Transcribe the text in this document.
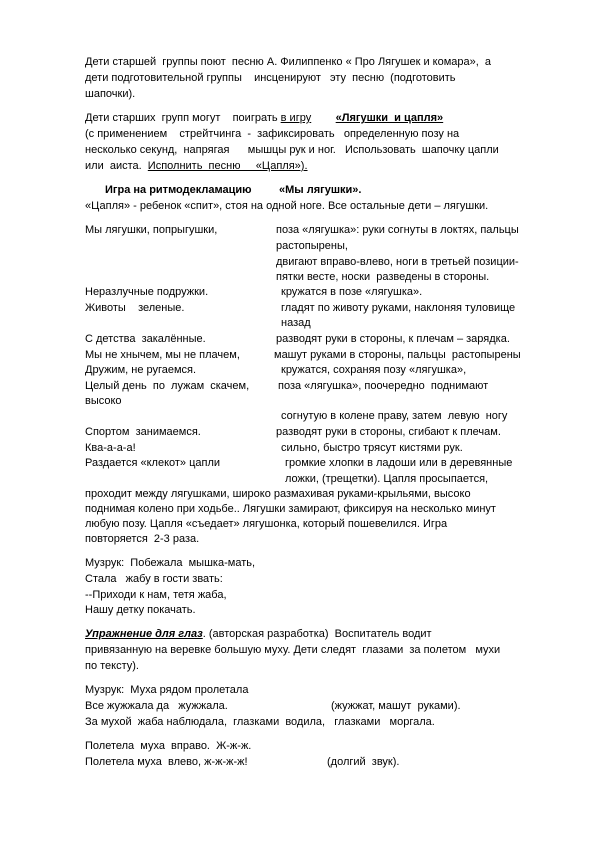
Дети старшей  группы поют  песню А. Филиппенко « Про Лягушек и комара»,  а
дети подготовительной группы    инсценируют   эту  песню  (подготовить
шапочки).
Дети старших  групп могут    поиграть в игру «Лягушки  и цапля»
(с применением    стрейтчинга  -  зафиксировать   определенную позу на
несколько секунд,  напрягая      мышцы рук и ног.   Использовать  шапочку цапли
или  аиста.  Исполнить  песню     «Цапля»).
Игра на ритмодекламацию         «Мы лягушки».
«Цапля» - ребенок «спит», стоя на одной ноге. Все остальные дети – лягушки.
Мы лягушки, попрыгушки,	поза «лягушка»: руки согнуты в локтях, пальцы
растопырены,
двигают вправо-влево, ноги в третьей позиции-
пятки весте, носки  разведены в стороны.
Неразлучные подружки.	кружатся в позе «лягушка».
Животы    зеленые.	гладят по животу руками, наклоняя туловище
назад
С детства  закалённые.	разводят руки в стороны, к плечам – зарядка.
Мы не хнычем, мы не плачем,	машут руками в стороны, пальцы  растопырены
Дружим, не ругаемся.	кружатся, сохраняя позу «лягушка»,
Целый день  по  лужам  скачем,	поза «лягушка», поочередно  поднимают
высоко
согнутую в колене праву, затем  левую  ногу
Спортом  занимаемся.	разводят руки в стороны, сгибают к плечам.
Ква-а-а-а!	сильно, быстро трясут кистями рук.
Раздается «клекот» цапли	громкие хлопки в ладоши или в деревянные
ложки, (трещетки). Цапля просыпается,
проходит между лягушками, широко размахивая руками-крыльями, высоко
поднимая колено при ходьбе.. Лягушки замирают, фиксируя на несколько минут
любую позу. Цапля «съедает» лягушонка, который пошевелился. Игра
повторяется  2-3 раза.
Музрук:  Побежала  мышка-мать,
Стала   жабу в гости звать:
--Приходи к нам, тетя жаба,
Нашу детку покачать.
Упражнение для глаз. (авторская разработка)  Воспитатель водит
привязанную на веревке большую муху. Дети следят  глазами  за полетом   мухи
по тексту).
Музрук:  Муха рядом пролетала
Все жужжала да   жужжала.	(жужжат, машут  руками).
За мухой  жаба наблюдала,  глазками  водила,   глазками   моргала.
Полетела  муха  вправо.  Ж-ж-ж.
Полетела муха  влево, ж-ж-ж-ж!	(долгий  звук).
